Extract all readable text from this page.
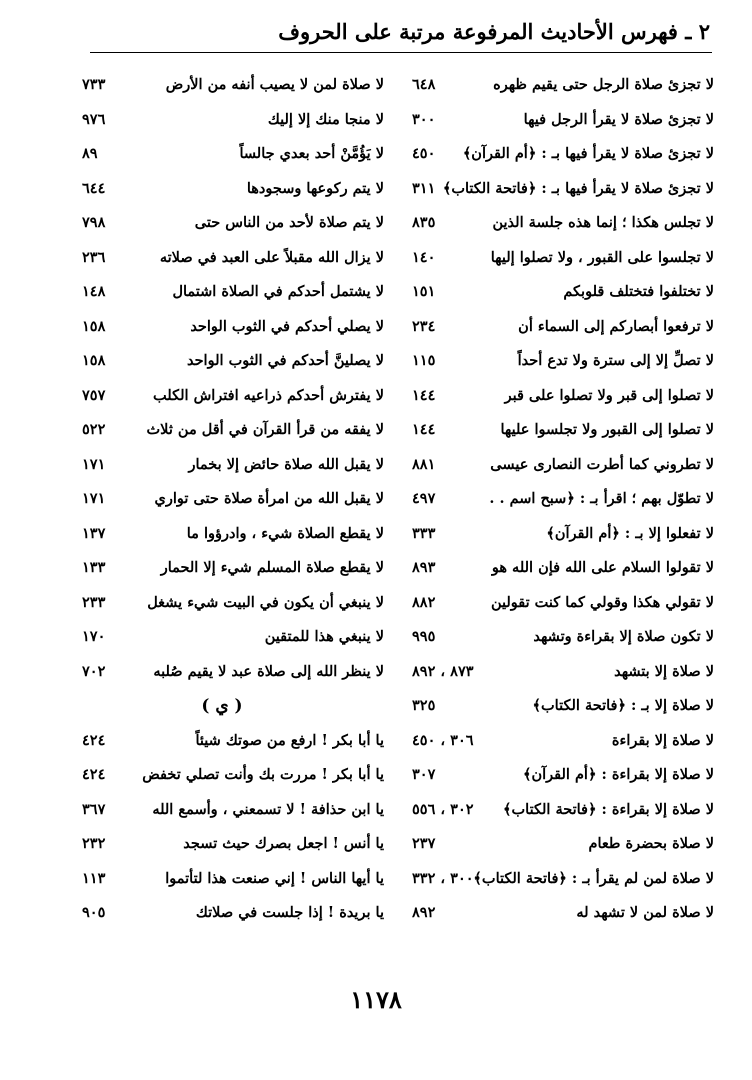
٢ ـ فهرس الأحاديث المرفوعة مرتبة على الحروف
لا تجزئ صلاة الرجل حتى يقيم ظهره
٦٤٨
لا تجزئ صلاة لا يقرأ الرجل فيها
٣٠٠
لا تجزئ صلاة لا يقرأ فيها بـ : ﴿أم القرآن﴾
٤٥٠
لا تجزئ صلاة لا يقرأ فيها بـ : ﴿فاتحة الكتاب﴾
٣١١
لا تجلس هكذا ؛ إنما هذه جلسة الذين
٨٣٥
لا تجلسوا على القبور ، ولا تصلوا إليها
١٤٠
لا تختلفوا فتختلف قلوبكم
١٥١
لا ترفعوا أبصاركم إلى السماء أن
٢٣٤
لا تصلِّ إلا إلى سترة ولا تدع أحداً
١١٥
لا تصلوا إلى قبر ولا تصلوا على قبر
١٤٤
لا تصلوا إلى القبور ولا تجلسوا عليها
١٤٤
لا تطروني كما أطرت النصارى عيسى
٨٨١
لا تطوّل بهم ؛ اقرأ بـ : ﴿سبح اسم . .
٤٩٧
لا تفعلوا إلا بـ : ﴿أم القرآن﴾
٣٣٣
لا تقولوا السلام على الله فإن الله هو
٨٩٣
لا تقولي هكذا وقولي كما كنت تقولين
٨٨٢
لا تكون صلاة إلا بقراءة وتشهد
٩٩٥
لا صلاة إلا بتشهد
٨٧٣ ، ٨٩٢
لا صلاة إلا بـ : ﴿فاتحة الكتاب﴾
٣٢٥
لا صلاة إلا بقراءة
٣٠٦ ، ٤٥٠
لا صلاة إلا بقراءة : ﴿أم القرآن﴾
٣٠٧
لا صلاة إلا بقراءة : ﴿فاتحة الكتاب﴾
٣٠٢ ، ٥٥٦
لا صلاة بحضرة طعام
٢٣٧
لا صلاة لمن لم يقرأ بـ : ﴿فاتحة الكتاب﴾
٣٠٠ ، ٣٣٢
لا صلاة لمن لا تشهد له
٨٩٢
لا صلاة لمن لا يصيب أنفه من الأرض
٧٣٣
لا منجا منك إلا إليك
٩٧٦
لا يَؤُمَّنْ أحد بعدي جالساً
٨٩
لا يتم ركوعها وسجودها
٦٤٤
لا يتم صلاة لأحد من الناس حتى
٧٩٨
لا يزال الله مقبلاً على العبد في صلاته
٢٣٦
لا يشتمل أحدكم في الصلاة اشتمال
١٤٨
لا يصلي أحدكم في الثوب الواحد
١٥٨
لا يصلينَّ أحدكم في الثوب الواحد
١٥٨
لا يفترش أحدكم ذراعيه افتراش الكلب
٧٥٧
لا يفقه من قرأ القرآن في أقل من ثلاث
٥٢٢
لا يقبل الله صلاة حائض إلا بخمار
١٧١
لا يقبل الله من امرأة صلاة حتى تواري
١٧١
لا يقطع الصلاة شيء ، وادرؤوا ما
١٣٧
لا يقطع صلاة المسلم شيء إلا الحمار
١٣٣
لا ينبغي أن يكون في البيت شيء يشغل
٢٣٣
لا ينبغي هذا للمتقين
١٧٠
لا ينظر الله إلى صلاة عبد لا يقيم صُلبه
٧٠٢
( ي )
يا أبا بكر ! ارفع من صوتك شيئاً
٤٢٤
يا أبا بكر ! مررت بك وأنت تصلي تخفض
٤٢٤
يا ابن حذافة ! لا تسمعني ، وأسمع الله
٣٦٧
يا أنس ! اجعل بصرك حيث تسجد
٢٣٢
يا أيها الناس ! إني صنعت هذا لتأتموا
١١٣
يا بريدة ! إذا جلست في صلاتك
٩٠٥
١١٧٨
